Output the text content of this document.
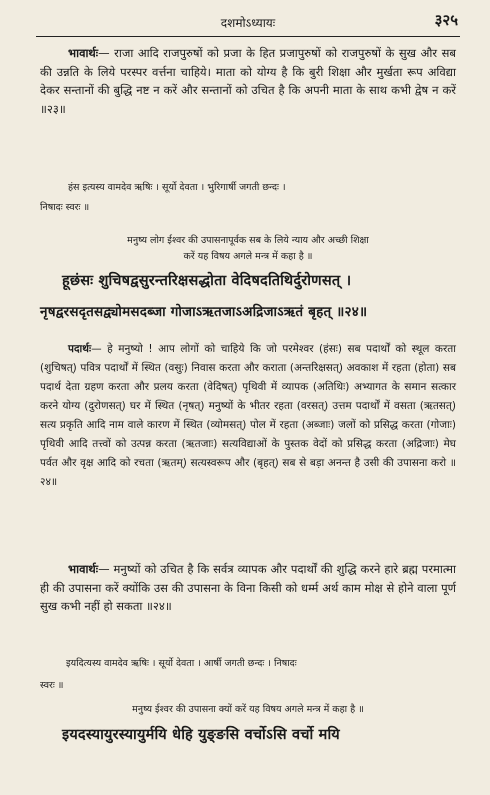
दशमोऽध्यायः	३२५
भावार्थः— राजा आदि राजपुरुषों को प्रजा के हित प्रजापुरुषों को राजपुरुषों के सुख और सब की उन्नति के लिये परस्पर वर्त्तना चाहिये। माता को योग्य है कि बुरी शिक्षा और मुर्खता रूप अविद्या देकर सन्तानों की बुद्धि नष्ट न करें और सन्तानों को उचित है कि अपनी माता के साथ कभी द्वेष न करें ॥२३॥
हंस इत्यस्य वामदेव ऋषिः । सूर्यो देवता । भुरिगार्षी जगती छन्दः ।
निषादः स्वरः ॥
मनुष्य लोग ईश्वर की उपासनापूर्वक सब के लिये न्याय और अच्छी शिक्षा
करें यह विषय अगले मन्त्र में कहा है ॥
हूछंसः शुचिषद्वसुरन्तरिक्षसद्धोता वेदिषदतिथिर्दुरोणसत् ।
नृषद्वरसदृतसद्व्योमसदब्जा गोजाऽऋतजाऽअद्रिजाऽऋतं बृहत् ॥२४॥
पदार्थः— हे मनुष्यो ! आप लोगों को चाहिये कि जो परमेश्वर (हंसः) सब पदार्थों को स्थूल करता (शुचिषत्) पवित्र पदार्थों में स्थित (वसुः) निवास करता और कराता (अन्तरिक्षसत्) अवकाश में रहता (होता) सब पदार्थ देता ग्रहण करता और प्रलय करता (वेदिषत्) पृथिवी में व्यापक (अतिथिः) अभ्यागत के समान सत्कार करने योग्य (दुरोणसत्) घर में स्थित (नृषत्) मनुष्यों के भीतर रहता (वरसत्) उत्तम पदार्थों में वसता (ऋतसत्) सत्य प्रकृति आदि नाम वाले कारण में स्थित (व्योमसत्) पोल में रहता (अब्जाः) जलों को प्रसिद्ध करता (गोजाः) पृथिवी आदि तत्त्वों को उत्पन्न करता (ऋतजाः) सत्यविद्याओं के पुस्तक वेदों को प्रसिद्ध करता (अद्रिजाः) मेघ पर्वत और वृक्ष आदि को रचता (ऋतम्) सत्यस्वरूप और (बृहत्) सब से बड़ा अनन्त है उसी की उपासना करो ॥२४॥
भावार्थः— मनुष्यों को उचित है कि सर्वत्र व्यापक और पदार्थों की शुद्धि करने हारे ब्रह्म परमात्मा ही की उपासना करें क्योंकि उस की उपासना के विना किसी को धर्म्म अर्थ काम मोक्ष से होने वाला पूर्ण सुख कभी नहीं हो सकता ॥२४॥
इयदित्यस्य वामदेव ऋषिः । सूर्यो देवता । आर्षी जगती छन्दः । निषादः
स्वरः ॥
मनुष्य ईश्वर की उपासना क्यों करें यह विषय अगले मन्त्र में कहा है ॥
इयदस्यायुरस्यायुर्मयि धेहि युङ्ङसि वर्चोऽसि वर्चो मयि
